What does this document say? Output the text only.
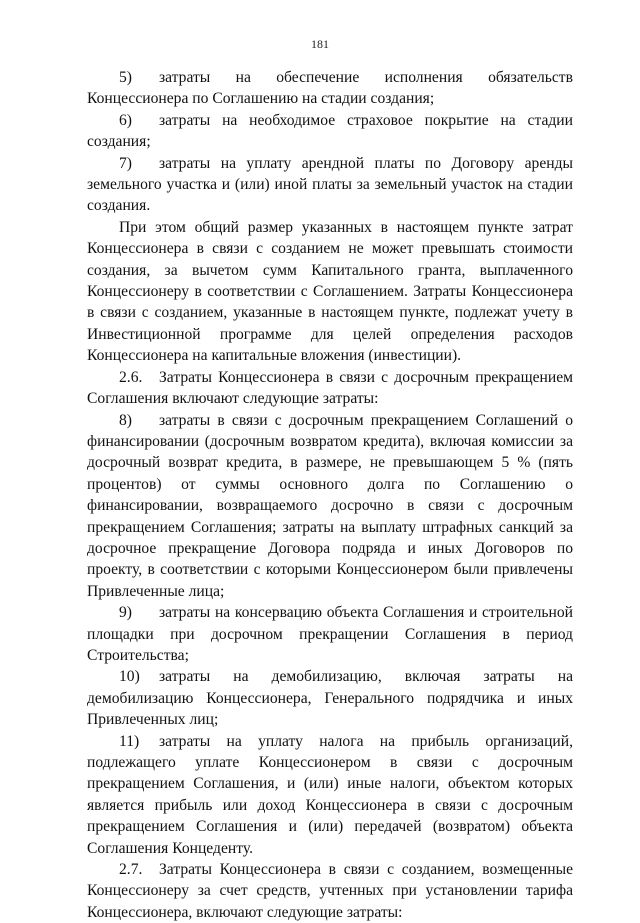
181

5) затраты на обеспечение исполнения обязательств Концессионера по Соглашению на стадии создания;

6) затраты на необходимое страховое покрытие на стадии создания;

7) затраты на уплату арендной платы по Договору аренды земельного участка и (или) иной платы за земельный участок на стадии создания.

При этом общий размер указанных в настоящем пункте затрат Концессионера в связи с созданием не может превышать стоимости создания, за вычетом сумм Капитального гранта, выплаченного Концессионеру в соответствии с Соглашением. Затраты Концессионера в связи с созданием, указанные в настоящем пункте, подлежат учету в Инвестиционной программе для целей определения расходов Концессионера на капитальные вложения (инвестиции).

2.6. Затраты Концессионера в связи с досрочным прекращением Соглашения включают следующие затраты:

8) затраты в связи с досрочным прекращением Соглашений о финансировании (досрочным возвратом кредита), включая комиссии за досрочный возврат кредита, в размере, не превышающем 5 % (пять процентов) от суммы основного долга по Соглашению о финансировании, возвращаемого досрочно в связи с досрочным прекращением Соглашения; затраты на выплату штрафных санкций за досрочное прекращение Договора подряда и иных Договоров по проекту, в соответствии с которыми Концессионером были привлечены Привлеченные лица;

9) затраты на консервацию объекта Соглашения и строительной площадки при досрочном прекращении Соглашения в период Строительства;

10) затраты на демобилизацию, включая затраты на демобилизацию Концессионера, Генерального подрядчика и иных Привлеченных лиц;

11) затраты на уплату налога на прибыль организаций, подлежащего уплате Концессионером в связи с досрочным прекращением Соглашения, и (или) иные налоги, объектом которых является прибыль или доход Концессионера в связи с досрочным прекращением Соглашения и (или) передачей (возвратом) объекта Соглашения Концеденту.

2.7. Затраты Концессионера в связи с созданием, возмещенные Концессионеру за счет средств, учтенных при установлении тарифа Концессионера, включают следующие затраты:
